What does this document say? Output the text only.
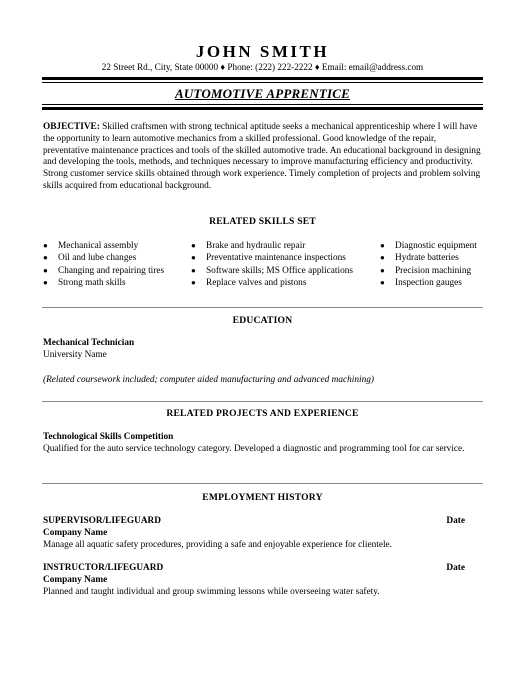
JOHN SMITH
22 Street Rd., City, State 00000 ♦ Phone: (222) 222-2222 ♦ Email: email@address.com
AUTOMOTIVE APPRENTICE
OBJECTIVE: Skilled craftsmen with strong technical aptitude seeks a mechanical apprenticeship where I will have the opportunity to learn automotive mechanics from a skilled professional. Good knowledge of the repair, preventative maintenance practices and tools of the skilled automotive trade. An educational background in designing and developing the tools, methods, and techniques necessary to improve manufacturing efficiency and productivity. Strong customer service skills obtained through work experience. Timely completion of projects and problem solving skills acquired from educational background.
RELATED SKILLS SET
● Mechanical assembly
● Oil and lube changes
● Changing and repairing tires
● Strong math skills
● Brake and hydraulic repair
● Preventative maintenance inspections
● Software skills; MS Office applications
● Replace valves and pistons
● Diagnostic equipment
● Hydrate batteries
● Precision machining
● Inspection gauges
EDUCATION
Mechanical Technician
University Name
(Related coursework included; computer aided manufacturing and advanced machining)
RELATED PROJECTS AND EXPERIENCE
Technological Skills Competition
Qualified for the auto service technology category. Developed a diagnostic and programming tool for car service.
EMPLOYMENT HISTORY
SUPERVISOR/LIFEGUARD	Date
Company Name
Manage all aquatic safety procedures, providing a safe and enjoyable experience for clientele.
INSTRUCTOR/LIFEGUARD	Date
Company Name
Planned and taught individual and group swimming lessons while overseeing water safety.
